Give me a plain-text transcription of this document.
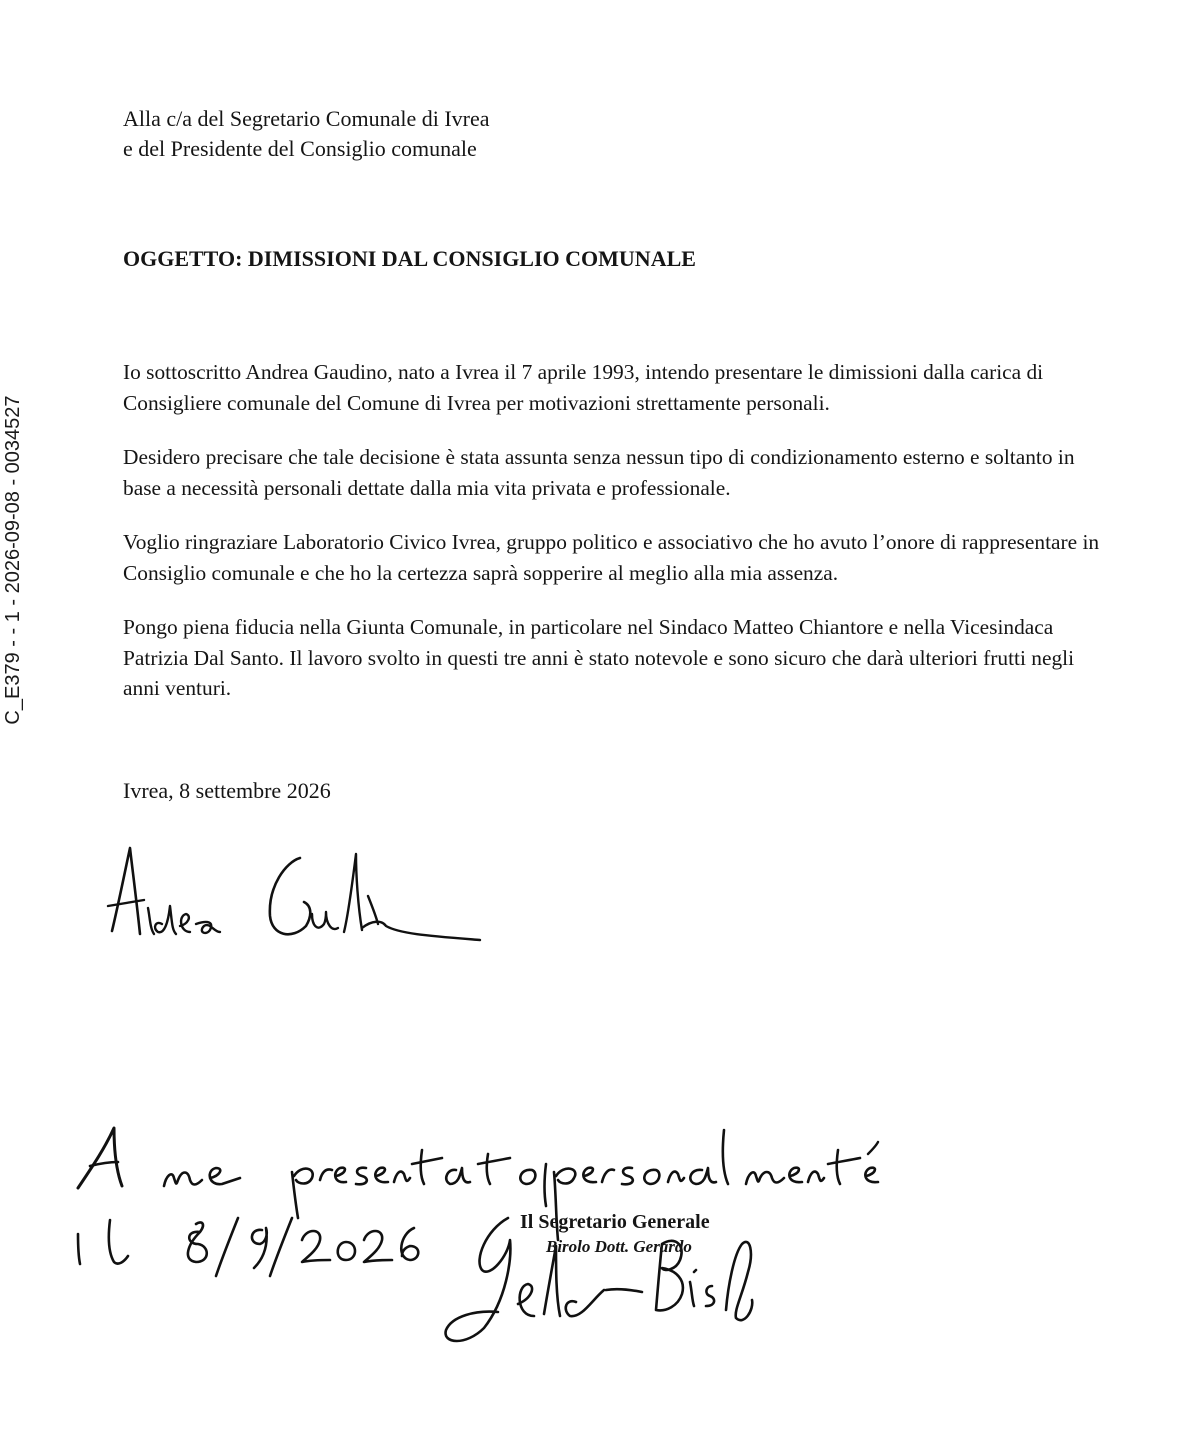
C_E379 - - 1 - 2026-09-08 - 0034527
Alla c/a del Segretario Comunale di Ivrea
e del Presidente del Consiglio comunale
OGGETTO: DIMISSIONI DAL CONSIGLIO COMUNALE

Io sottoscritto Andrea Gaudino, nato a Ivrea il 7 aprile 1993, intendo presentare le dimissioni dalla carica di Consigliere comunale del Comune di Ivrea per motivazioni strettamente personali.

Desidero precisare che tale decisione è stata assunta senza nessun tipo di condizionamento esterno e soltanto in base a necessità personali dettate dalla mia vita privata e professionale.

Voglio ringraziare Laboratorio Civico Ivrea, gruppo politico e associativo che ho avuto l’onore di rappresentare in Consiglio comunale e che ho la certezza saprà sopperire al meglio alla mia assenza.

Pongo piena fiducia nella Giunta Comunale, in particolare nel Sindaco Matteo Chiantore e nella Vicesindaca Patrizia Dal Santo. Il lavoro svolto in questi tre anni è stato notevole e sono sicuro che darà ulteriori frutti negli anni venturi.

Ivrea, 8 settembre 2026
Il Segretario Generale
Birolo Dott. Gerardo
